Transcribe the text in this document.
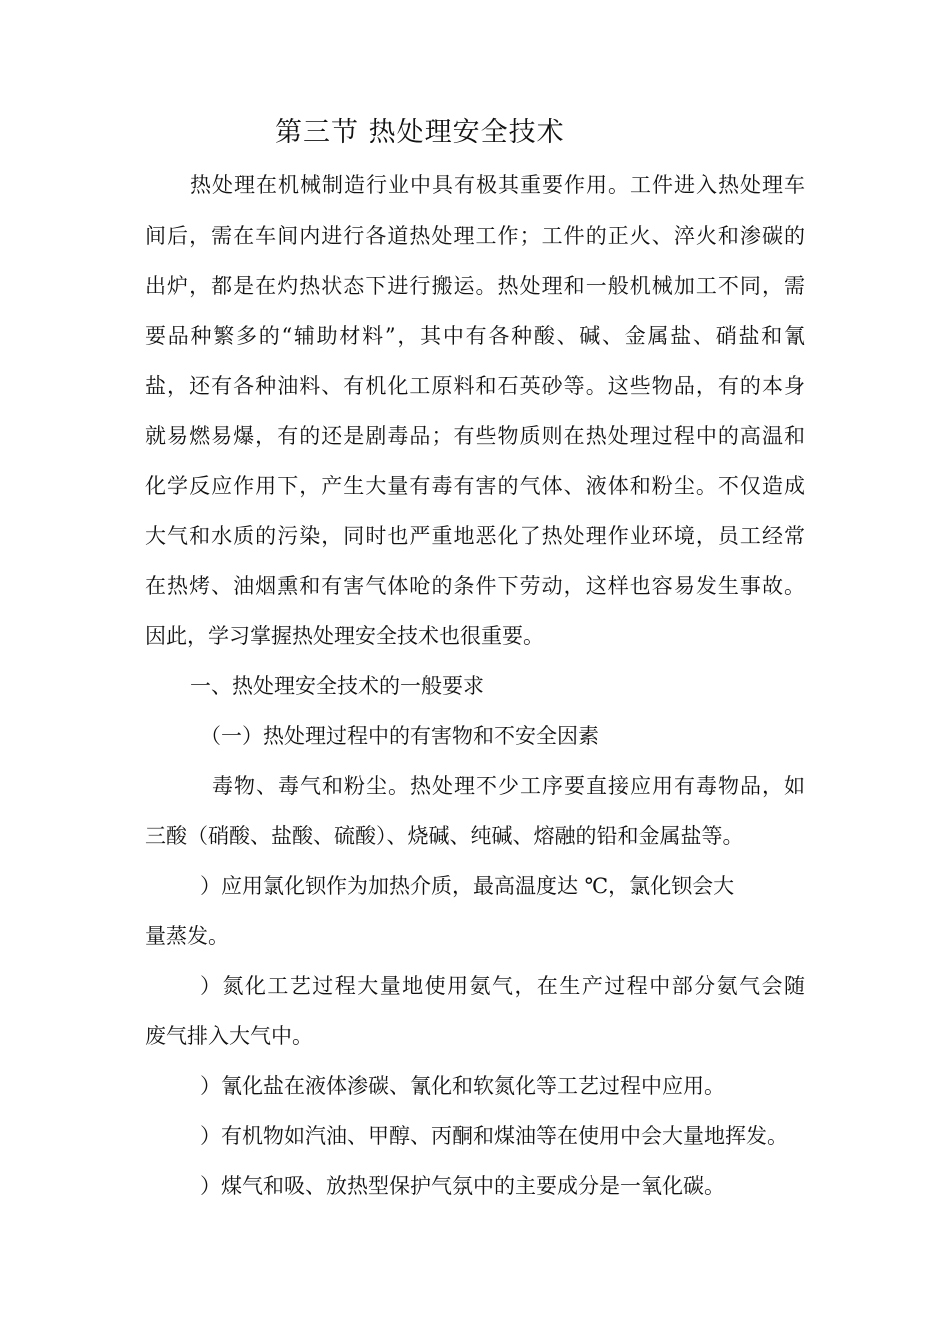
第三节 热处理安全技术
热处理在机械制造行业中具有极其重要作用。工件进入热处理车
间后，需在车间内进行各道热处理工作；工件的正火、淬火和渗碳的
出炉，都是在灼热状态下进行搬运。热处理和一般机械加工不同，需
要品种繁多的“辅助材料”，其中有各种酸、碱、金属盐、硝盐和氰
盐，还有各种油料、有机化工原料和石英砂等。这些物品，有的本身
就易燃易爆，有的还是剧毒品；有些物质则在热处理过程中的高温和
化学反应作用下，产生大量有毒有害的气体、液体和粉尘。不仅造成
大气和水质的污染，同时也严重地恶化了热处理作业环境，员工经常
在热烤、油烟熏和有害气体呛的条件下劳动，这样也容易发生事故。
因此，学习掌握热处理安全技术也很重要。
一、热处理安全技术的一般要求
（一）热处理过程中的有害物和不安全因素
毒物、毒气和粉尘。热处理不少工序要直接应用有毒物品，如
三酸（硝酸、盐酸、硫酸）、烧碱、纯碱、熔融的铅和金属盐等。
）应用氯化钡作为加热介质，最高温度达 ℃，氯化钡会大
量蒸发。
）氮化工艺过程大量地使用氨气，在生产过程中部分氨气会随
废气排入大气中。
）氰化盐在液体渗碳、氰化和软氮化等工艺过程中应用。
）有机物如汽油、甲醇、丙酮和煤油等在使用中会大量地挥发。
）煤气和吸、放热型保护气氛中的主要成分是一氧化碳。
